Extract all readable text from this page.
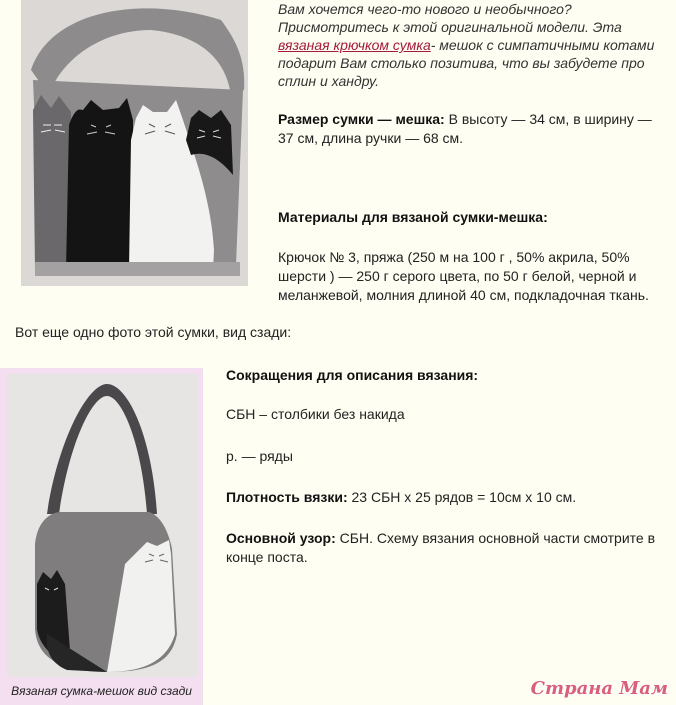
Вам хочется чего-то нового и необычного? Присмотритесь к этой оригинальной модели. Эта
вязаная крючком сумка- мешок с симпатичными котами подарит Вам столько позитива, что вы забудете про сплин и хандру.
Размер сумки — мешка: В высоту — 34 см, в ширину — 37 см, длина ручки — 68 см.
Материалы для вязаной сумки-мешка:
Крючок № 3, пряжа (250 м на 100 г , 50% акрила, 50% шерсти ) — 250 г серого цвета, по 50 г белой, черной и меланжевой, молния длиной 40 см, подкладочная ткань.
Вот еще одно фото этой сумки, вид сзади:
Вязаная сумка-мешок вид сзади
Сокращения для описания вязания:
СБН – столбики без накида
р. — ряды
Плотность вязки: 23 СБН х 25 рядов = 10см х 10 см.
Основной узор: СБН. Схему вязания основной части смотрите в конце поста.
Страна Мам
